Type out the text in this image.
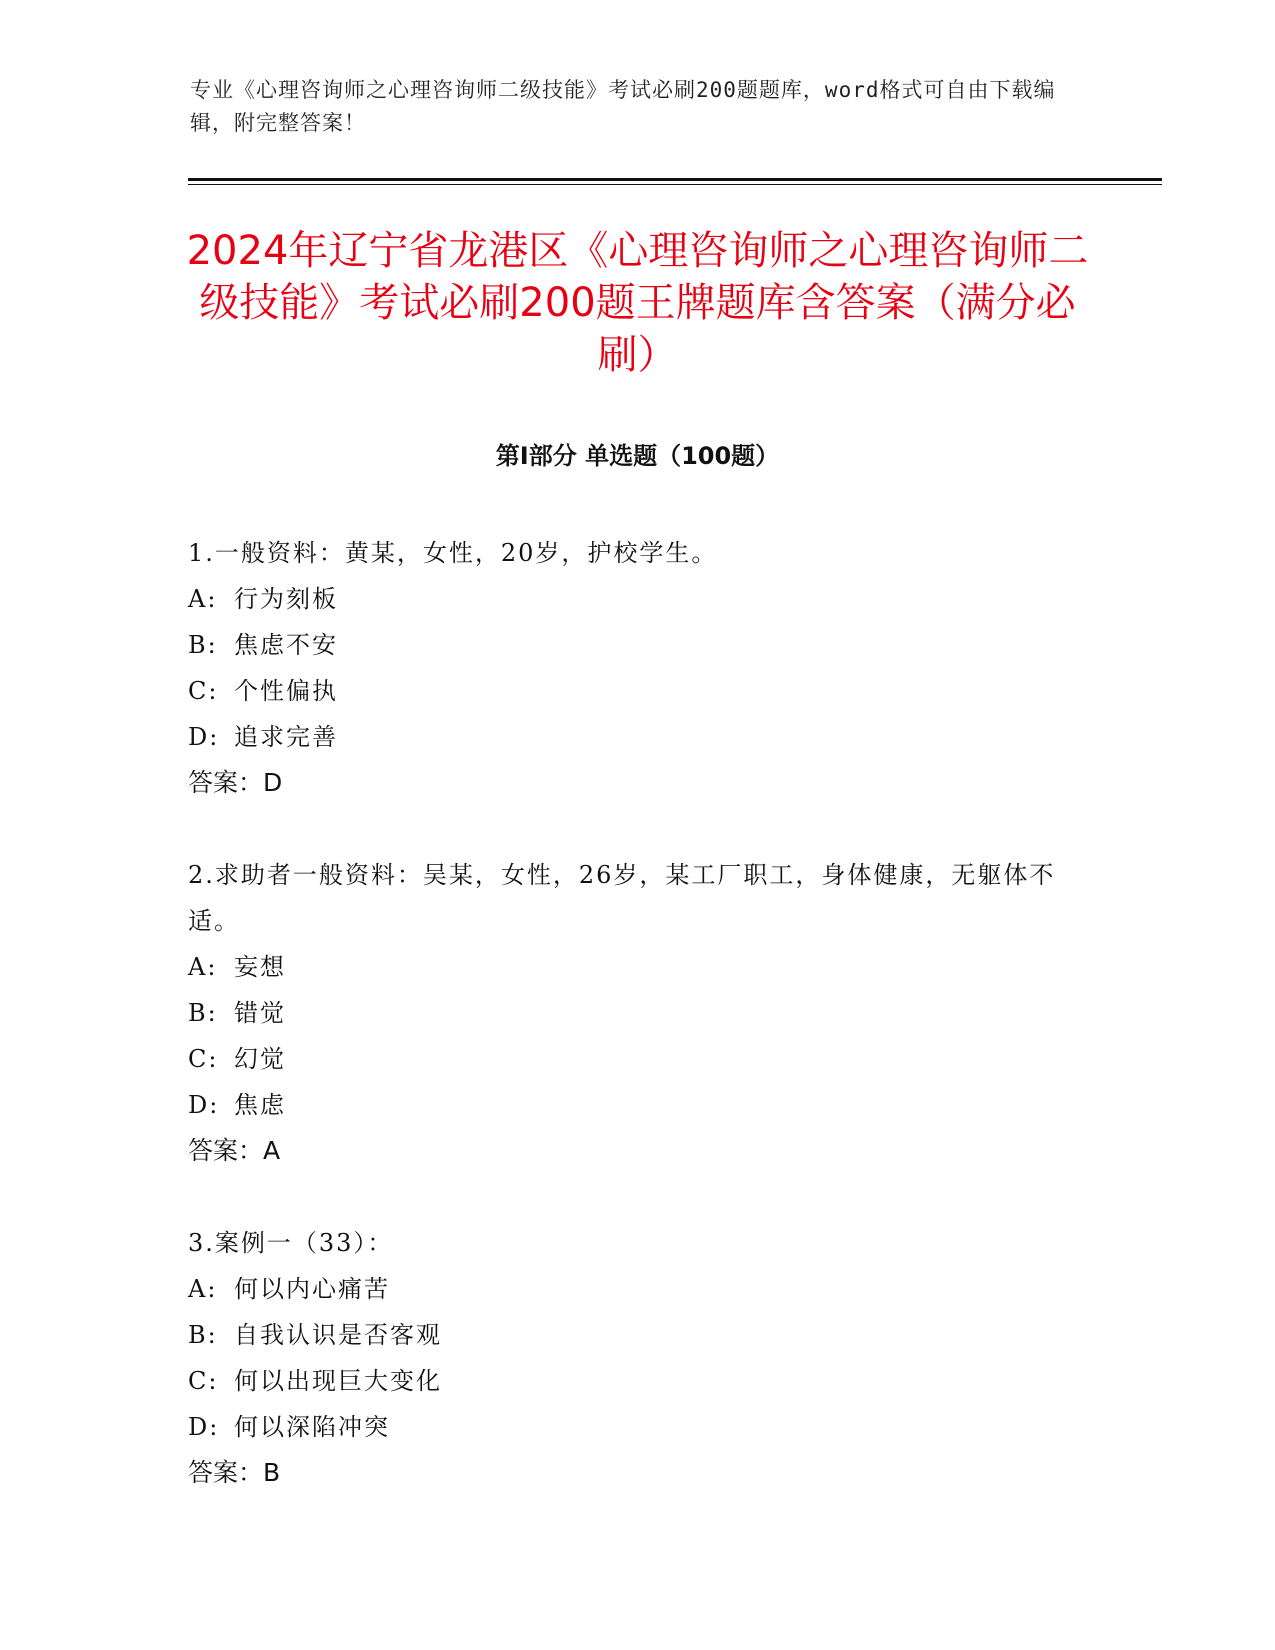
专业《心理咨询师之心理咨询师二级技能》考试必刷200题题库，word格式可自由下载编辑，附完整答案！
2024年辽宁省龙港区《心理咨询师之心理咨询师二级技能》考试必刷200题王牌题库含答案（满分必刷）
第Ⅰ部分 单选题（100题）
1.一般资料：黄某，女性，20岁，护校学生。
A: 行为刻板
B: 焦虑不安
C: 个性偏执
D: 追求完善
答案：D
2.求助者一般资料：吴某，女性，26岁，某工厂职工，身体健康，无躯体不适。
A: 妄想
B: 错觉
C: 幻觉
D: 焦虑
答案：A
3.案例一（33）：
A: 何以内心痛苦
B: 自我认识是否客观
C: 何以出现巨大变化
D: 何以深陷冲突
答案：B
